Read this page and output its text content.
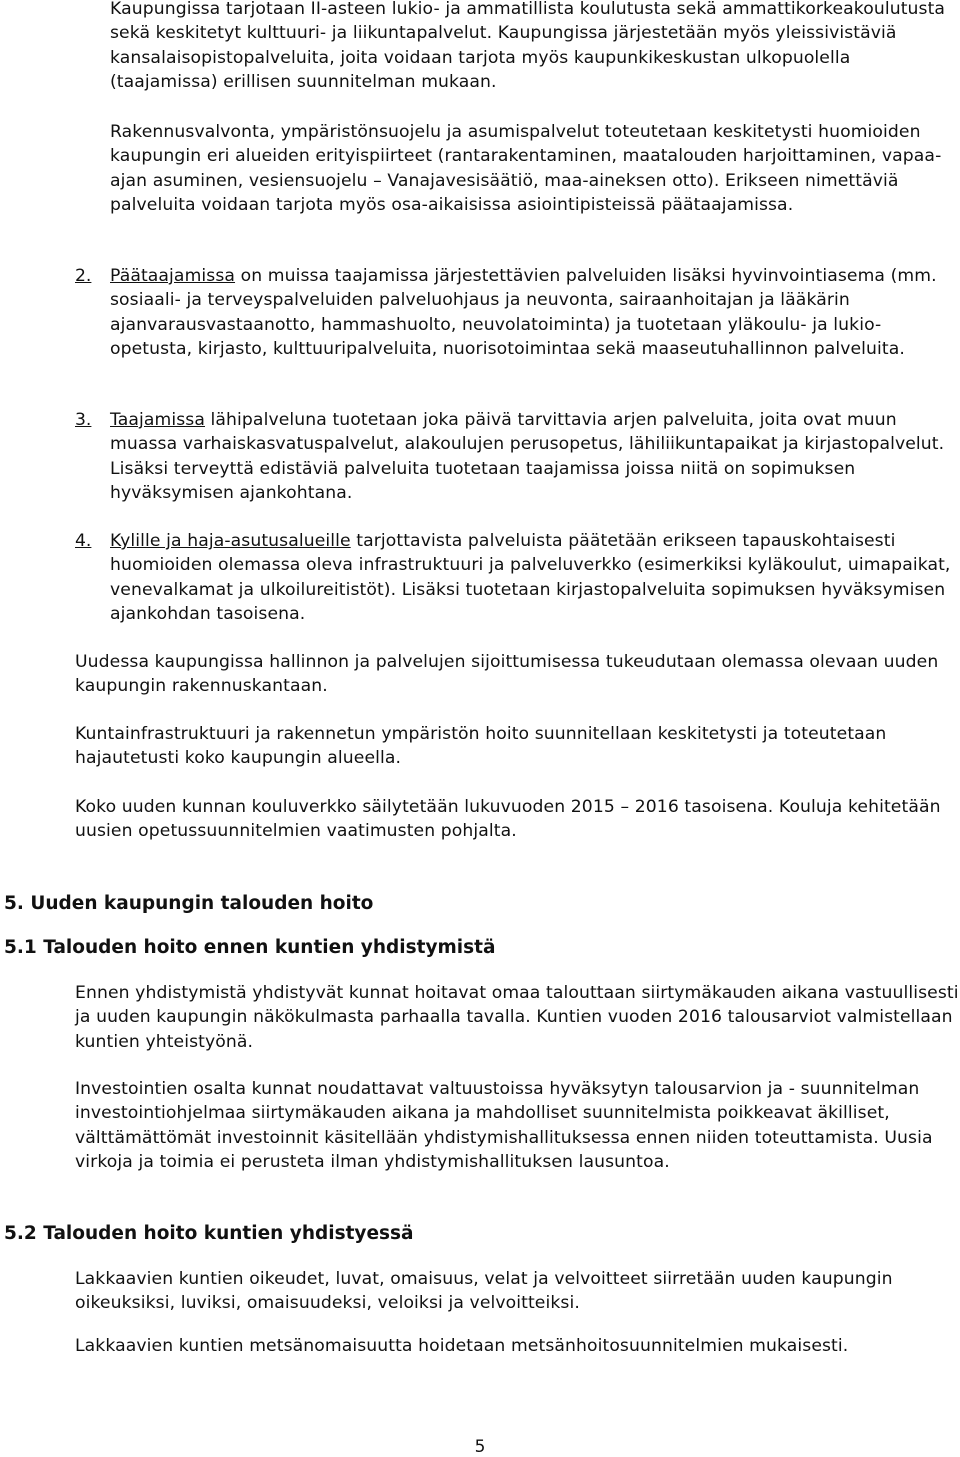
Kaupungissa tarjotaan II-asteen lukio- ja ammatillista koulutusta sekä ammattikorkeakoulutusta sekä keskitetyt kulttuuri- ja liikuntapalvelut. Kaupungissa järjestetään myös yleissivistäviä kansalaisopistopalveluita, joita voidaan tarjota myös kaupunkikeskustan ulkopuolella (taajamissa) erillisen suunnitelman mukaan.

Rakennusvalvonta, ympäristönsuojelu ja asumispalvelut toteutetaan keskitetysti huomioiden kaupungin eri alueiden erityispiirteet (rantarakentaminen, maatalouden harjoittaminen, vapaa-ajan asuminen, vesiensuojelu – Vanajavesisäätiö, maa-aineksen otto). Erikseen nimettäviä palveluita voidaan tarjota myös osa-aikaisissa asiointipisteissä päätaajamissa.

2. Päätaajamissa on muissa taajamissa järjestettävien palveluiden lisäksi hyvinvointiasema (mm. sosiaali- ja terveyspalveluiden palveluohjaus ja neuvonta, sairaanhoitajan ja lääkärin ajanvarausvastaanotto, hammashuolto, neuvolatoiminta) ja tuotetaan yläkoulu- ja lukio-opetusta, kirjasto, kulttuuripalveluita, nuorisotoimintaa sekä maaseutuhallinnon palveluita.

3. Taajamissa lähipalveluna tuotetaan joka päivä tarvittavia arjen palveluita, joita ovat muun muassa varhaiskasvatuspalvelut, alakoulujen perusopetus, lähiliikuntapaikat ja kirjastopalvelut. Lisäksi terveyttä edistäviä palveluita tuotetaan taajamissa joissa niitä on sopimuksen hyväksymisen ajankohtana.

4. Kylille ja haja-asutusalueille tarjottavista palveluista päätetään erikseen tapauskohtaisesti huomioiden olemassa oleva infrastruktuuri ja palveluverkko (esimerkiksi kyläkoulut, uimapaikat, venevalkamat ja ulkoilureitistöt). Lisäksi tuotetaan kirjastopalveluita sopimuksen hyväksymisen ajankohdan tasoisena.

Uudessa kaupungissa hallinnon ja palvelujen sijoittumisessa tukeudutaan olemassa olevaan uuden kaupungin rakennuskantaan.

Kuntainfrastruktuuri ja rakennetun ympäristön hoito suunnitellaan keskitetysti ja toteutetaan hajautetusti koko kaupungin alueella.

Koko uuden kunnan kouluverkko säilytetään lukuvuoden 2015 – 2016 tasoisena. Kouluja kehitetään uusien opetussuunnitelmien vaatimusten pohjalta.

5. Uuden kaupungin talouden hoito
5.1 Talouden hoito ennen kuntien yhdistymistä

Ennen yhdistymistä yhdistyvät kunnat hoitavat omaa talouttaan siirtymäkauden aikana vastuullisesti ja uuden kaupungin näkökulmasta parhaalla tavalla. Kuntien vuoden 2016 talousarviot valmistellaan kuntien yhteistyönä.

Investointien osalta kunnat noudattavat valtuustoissa hyväksytyn talousarvion ja - suunnitelman investointiohjelmaa siirtymäkauden aikana ja mahdolliset suunnitelmista poikkeavat äkilliset, välttämättömät investoinnit käsitellään yhdistymishallituksessa ennen niiden toteuttamista. Uusia virkoja ja toimia ei perusteta ilman yhdistymishallituksen lausuntoa.

5.2 Talouden hoito kuntien yhdistyessä

Lakkaavien kuntien oikeudet, luvat, omaisuus, velat ja velvoitteet siirretään uuden kaupungin oikeuksiksi, luviksi, omaisuudeksi, veloiksi ja velvoitteiksi.

Lakkaavien kuntien metsänomaisuutta hoidetaan metsänhoitosuunnitelmien mukaisesti.

5
